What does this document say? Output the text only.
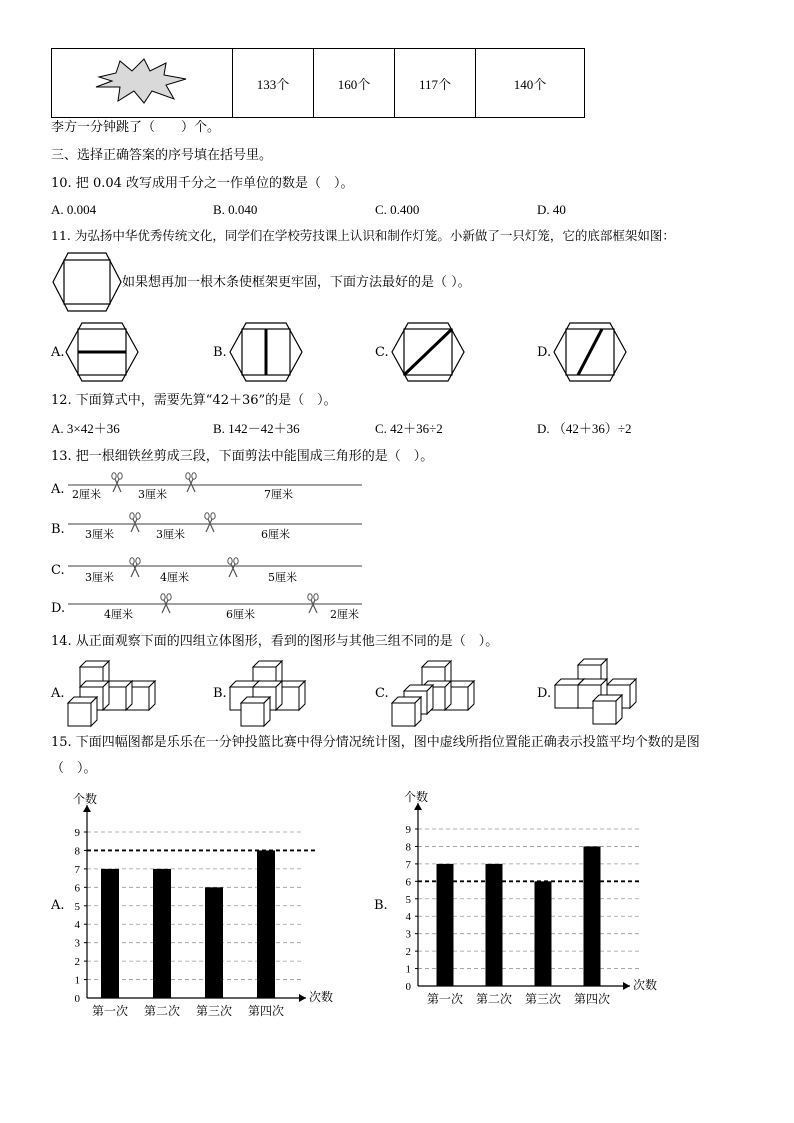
	133个	160个	117个	140个
李方一分钟跳了（　　）个。
三、选择正确答案的序号填在括号里。
10. 把 0.04 改写成用千分之一作单位的数是（　）。
A. 0.004	B. 0.040	C. 0.400	D. 40
11. 为弘扬中华优秀传统文化，同学们在学校劳技课上认识和制作灯笼。小新做了一只灯笼，它的底部框架如图：
如果想再加一根木条使框架更牢固，下面方法最好的是（ ）。
A.	B.	C.	D.
12. 下面算式中，需要先算“42＋36”的是（　）。
A. 3×42＋36	B. 142－42＋36	C. 42＋36÷2	D. （42＋36）÷2
13. 把一根细铁丝剪成三段，下面剪法中能围成三角形的是（　）。
A. 2厘米	3厘米	7厘米
B. 3厘米	3厘米	6厘米
C. 3厘米	4厘米	5厘米
D.	4厘米	6厘米	2厘米
14. 从正面观察下面的四组立体图形，看到的图形与其他三组不同的是（　）。
A.	B.	C.	D.
15. 下面四幅图都是乐乐在一分钟投篮比赛中得分情况统计图，图中虚线所指位置能正确表示投篮平均个数的是图
（　）。
A.
第一次 第二次 第三次 第四次
0
1
2
3
4
5
6
7
8
9
个数
次数
B.
第一次 第二次 第三次 第四次
0
1
2
3
4
5
6
7
8
9
个数
次数
